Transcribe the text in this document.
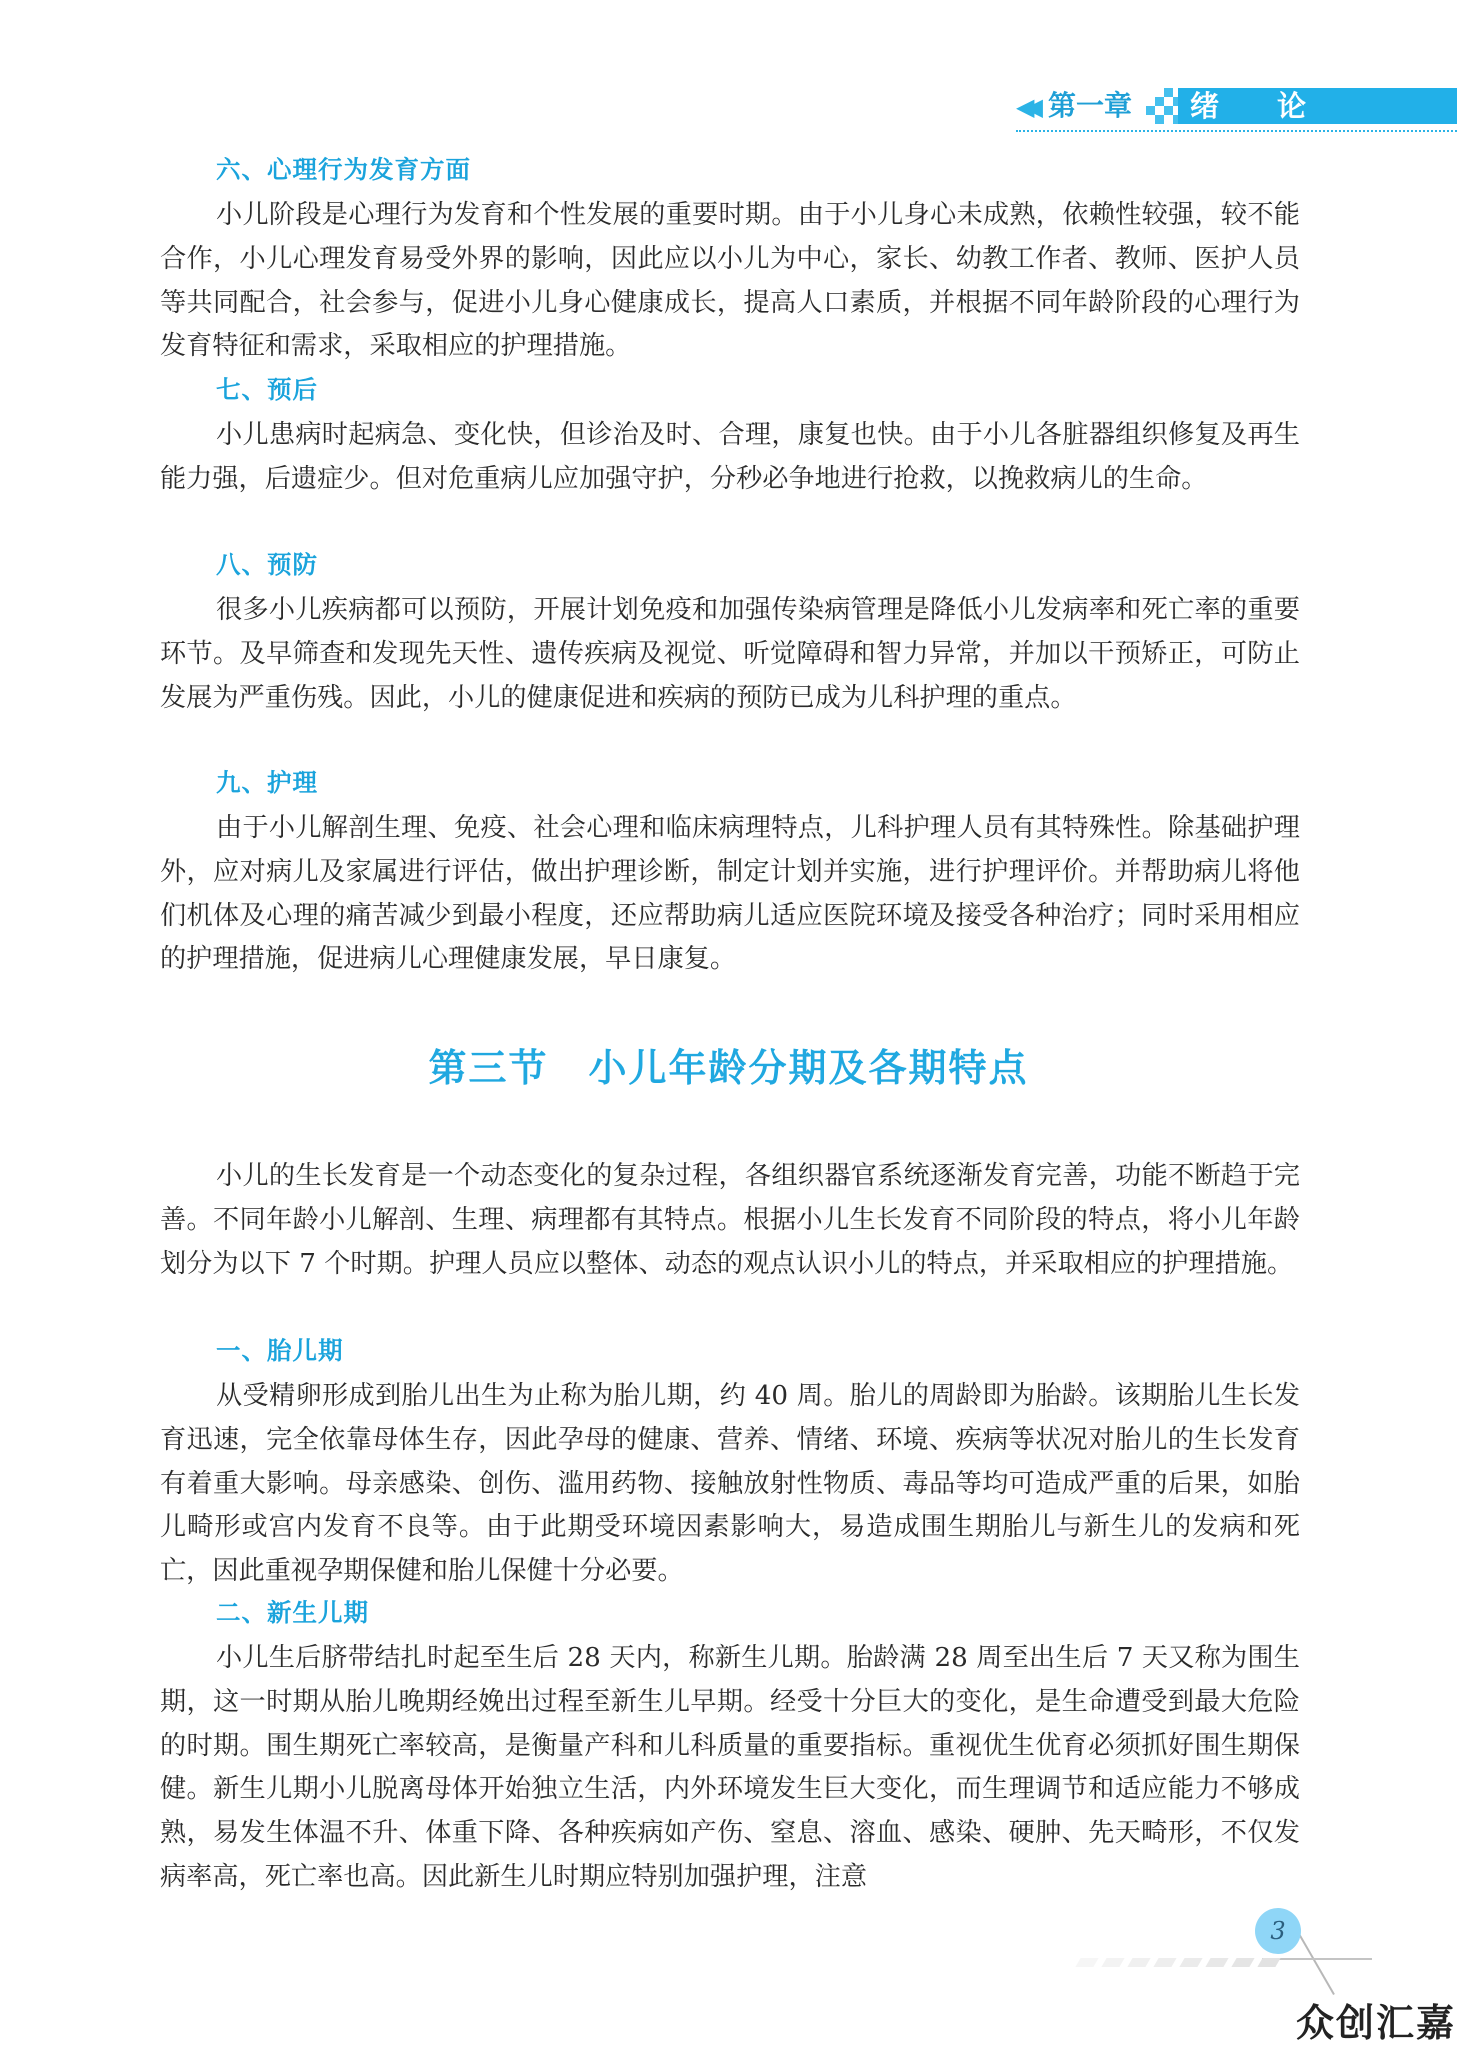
◀◀ 第一章 绪论
六、心理行为发育方面

小儿阶段是心理行为发育和个性发展的重要时期。由于小儿身心未成熟，依赖性较强，较不能合作，小儿心理发育易受外界的影响，因此应以小儿为中心，家长、幼教工作者、教师、医护人员等共同配合，社会参与，促进小儿身心健康成长，提高人口素质，并根据不同年龄阶段的心理行为发育特征和需求，采取相应的护理措施。

七、预后

小儿患病时起病急、变化快，但诊治及时、合理，康复也快。由于小儿各脏器组织修复及再生能力强，后遗症少。但对危重病儿应加强守护，分秒必争地进行抢救，以挽救病儿的生命。

八、预防

很多小儿疾病都可以预防，开展计划免疫和加强传染病管理是降低小儿发病率和死亡率的重要环节。及早筛查和发现先天性、遗传疾病及视觉、听觉障碍和智力异常，并加以干预矫正，可防止发展为严重伤残。因此，小儿的健康促进和疾病的预防已成为儿科护理的重点。

九、护理

由于小儿解剖生理、免疫、社会心理和临床病理特点，儿科护理人员有其特殊性。除基础护理外，应对病儿及家属进行评估，做出护理诊断，制定计划并实施，进行护理评价。并帮助病儿将他们机体及心理的痛苦减少到最小程度，还应帮助病儿适应医院环境及接受各种治疗；同时采用相应的护理措施，促进病儿心理健康发展，早日康复。

第三节　小儿年龄分期及各期特点

小儿的生长发育是一个动态变化的复杂过程，各组织器官系统逐渐发育完善，功能不断趋于完善。不同年龄小儿解剖、生理、病理都有其特点。根据小儿生长发育不同阶段的特点，将小儿年龄划分为以下 7 个时期。护理人员应以整体、动态的观点认识小儿的特点，并采取相应的护理措施。

一、胎儿期

从受精卵形成到胎儿出生为止称为胎儿期，约 40 周。胎儿的周龄即为胎龄。该期胎儿生长发育迅速，完全依靠母体生存，因此孕母的健康、营养、情绪、环境、疾病等状况对胎儿的生长发育有着重大影响。母亲感染、创伤、滥用药物、接触放射性物质、毒品等均可造成严重的后果，如胎儿畸形或宫内发育不良等。由于此期受环境因素影响大，易造成围生期胎儿与新生儿的发病和死亡，因此重视孕期保健和胎儿保健十分必要。

二、新生儿期

小儿生后脐带结扎时起至生后 28 天内，称新生儿期。胎龄满 28 周至出生后 7 天又称为围生期，这一时期从胎儿晚期经娩出过程至新生儿早期。经受十分巨大的变化，是生命遭受到最大危险的时期。围生期死亡率较高，是衡量产科和儿科质量的重要指标。重视优生优育必须抓好围生期保健。新生儿期小儿脱离母体开始独立生活，内外环境发生巨大变化，而生理调节和适应能力不够成熟，易发生体温不升、体重下降、各种疾病如产伤、窒息、溶血、感染、硬肿、先天畸形，不仅发病率高，死亡率也高。因此新生儿时期应特别加强护理，注意

3
众创汇嘉
